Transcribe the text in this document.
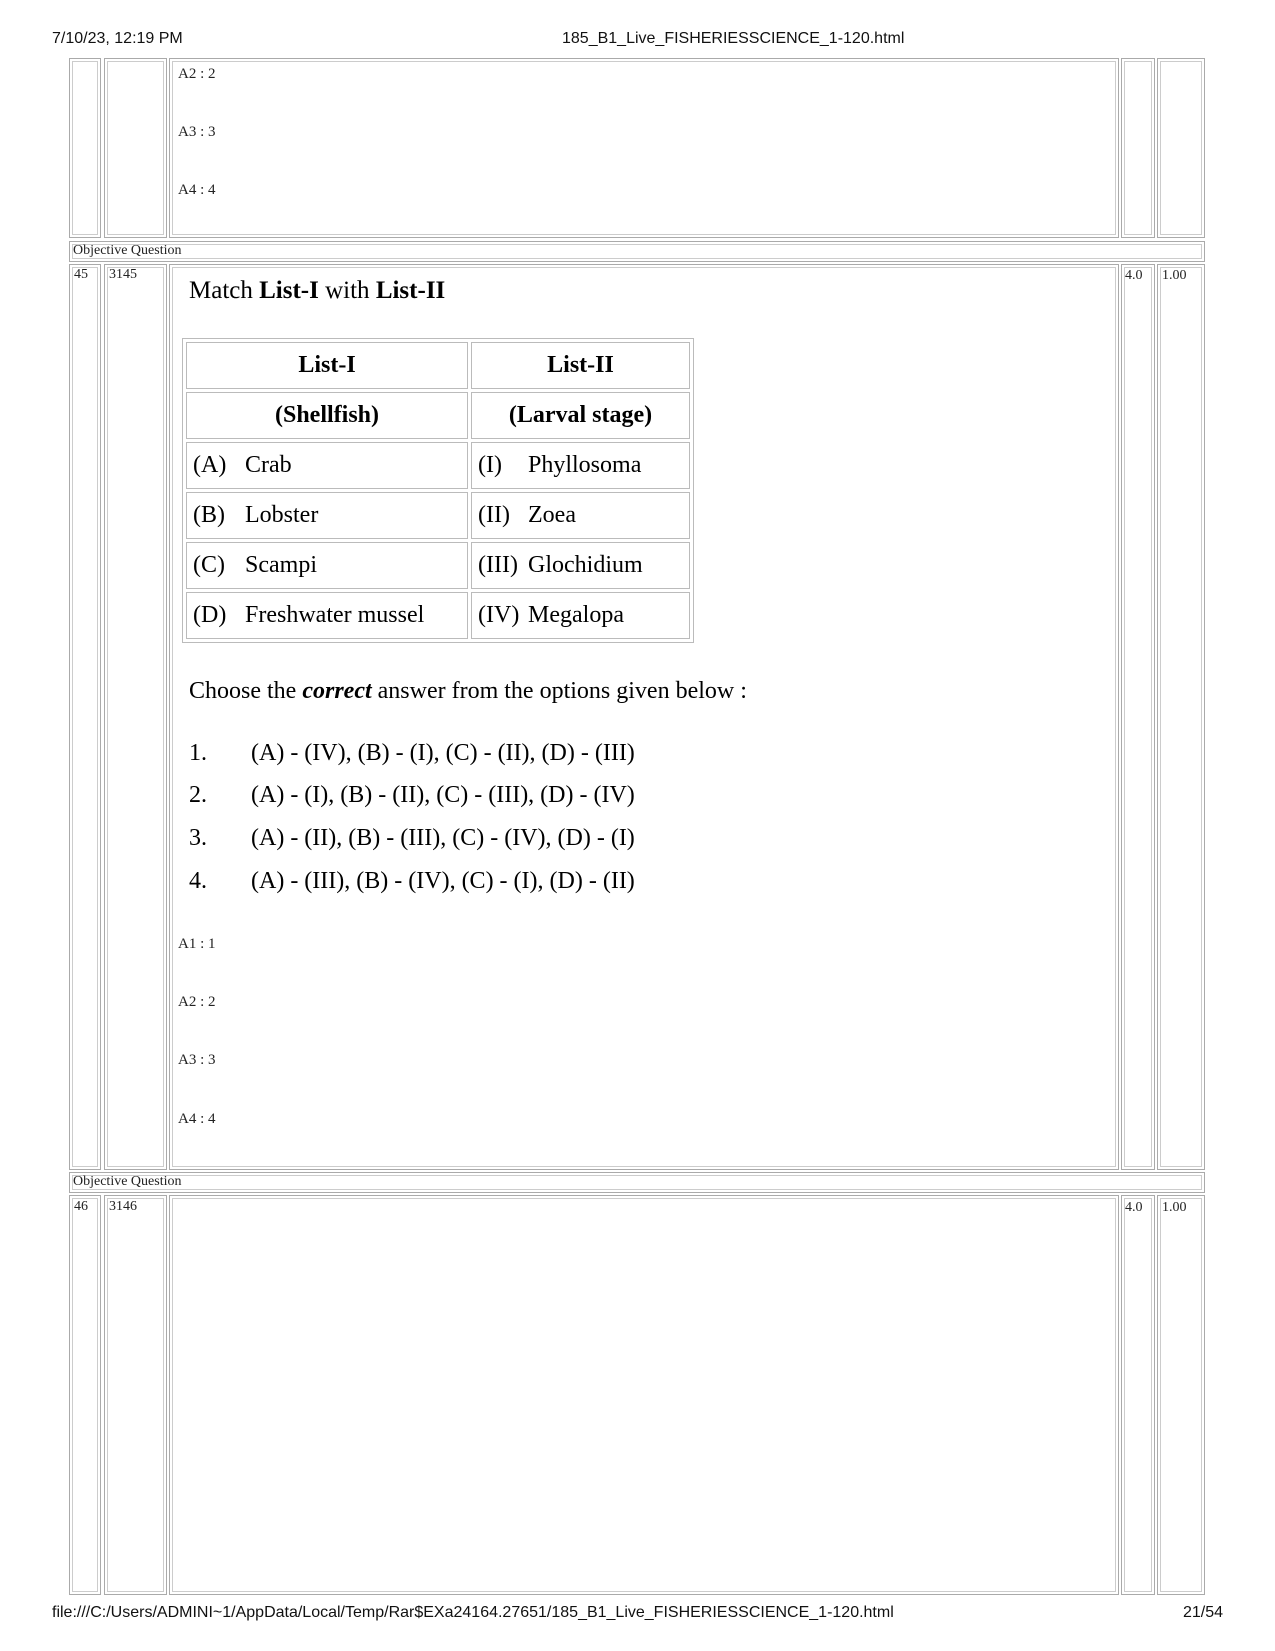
7/10/23, 12:19 PM	185_B1_Live_FISHERIESSCIENCE_1-120.html
A2 : 2
A3 : 3
A4 : 4
Objective Question
45 3145	4.0 1.00
Match List-I with List-II
List-I	List-II
(Shellfish)	(Larval stage)
(A) Crab	(I) Phyllosoma
(B) Lobster	(II) Zoea
(C) Scampi	(III) Glochidium
(D) Freshwater mussel	(IV) Megalopa
Choose the correct answer from the options given below :
1. (A) - (IV), (B) - (I), (C) - (II), (D) - (III)
2. (A) - (I), (B) - (II), (C) - (III), (D) - (IV)
3. (A) - (II), (B) - (III), (C) - (IV), (D) - (I)
4. (A) - (III), (B) - (IV), (C) - (I), (D) - (II)
A1 : 1
A2 : 2
A3 : 3
A4 : 4
Objective Question
46 3146	4.0 1.00
file:///C:/Users/ADMINI~1/AppData/Local/Temp/Rar$EXa24164.27651/185_B1_Live_FISHERIESSCIENCE_1-120.html	21/54
